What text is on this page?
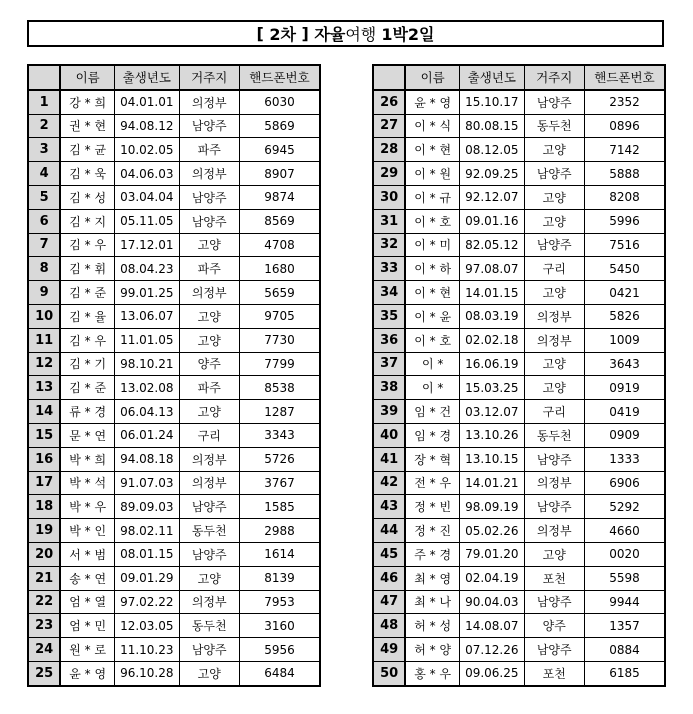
[ 2차 ] 자율 여행 1박2일
	이름	출생년도	거주지	핸드폰번호
1	강 * 희	04.01.01	의정부	6030
2	권 * 현	94.08.12	남양주	5869
3	김 * 균	10.02.05	파주	6945
4	김 * 욱	04.06.03	의정부	8907
5	김 * 성	03.04.04	남양주	9874
6	김 * 지	05.11.05	남양주	8569
7	김 * 우	17.12.01	고양	4708
8	김 * 휘	08.04.23	파주	1680
9	김 * 준	99.01.25	의정부	5659
10	김 * 율	13.06.07	고양	9705
11	김 * 우	11.01.05	고양	7730
12	김 * 기	98.10.21	양주	7799
13	김 * 준	13.02.08	파주	8538
14	류 * 경	06.04.13	고양	1287
15	문 * 연	06.01.24	구리	3343
16	박 * 희	94.08.18	의정부	5726
17	박 * 석	91.07.03	의정부	3767
18	박 * 우	89.09.03	남양주	1585
19	박 * 인	98.02.11	동두천	2988
20	서 * 범	08.01.15	남양주	1614
21	송 * 연	09.01.29	고양	8139
22	엄 * 열	97.02.22	의정부	7953
23	엄 * 민	12.03.05	동두천	3160
24	원 * 로	11.10.23	남양주	5956
25	윤 * 영	96.10.28	고양	6484
	이름	출생년도	거주지	핸드폰번호
26	윤 * 영	15.10.17	남양주	2352
27	이 * 식	80.08.15	동두천	0896
28	이 * 현	08.12.05	고양	7142
29	이 * 원	92.09.25	남양주	5888
30	이 * 규	92.12.07	고양	8208
31	이 * 호	09.01.16	고양	5996
32	이 * 미	82.05.12	남양주	7516
33	이 * 하	97.08.07	구리	5450
34	이 * 현	14.01.15	고양	0421
35	이 * 윤	08.03.19	의정부	5826
36	이 * 호	02.02.18	의정부	1009
37	이 *	16.06.19	고양	3643
38	이 *	15.03.25	고양	0919
39	임 * 건	03.12.07	구리	0419
40	임 * 경	13.10.26	동두천	0909
41	장 * 혁	13.10.15	남양주	1333
42	전 * 우	14.01.21	의정부	6906
43	정 * 빈	98.09.19	남양주	5292
44	정 * 진	05.02.26	의정부	4660
45	주 * 경	79.01.20	고양	0020
46	최 * 영	02.04.19	포천	5598
47	최 * 나	90.04.03	남양주	9944
48	허 * 성	14.08.07	양주	1357
49	허 * 양	07.12.26	남양주	0884
50	홍 * 우	09.06.25	포천	6185
